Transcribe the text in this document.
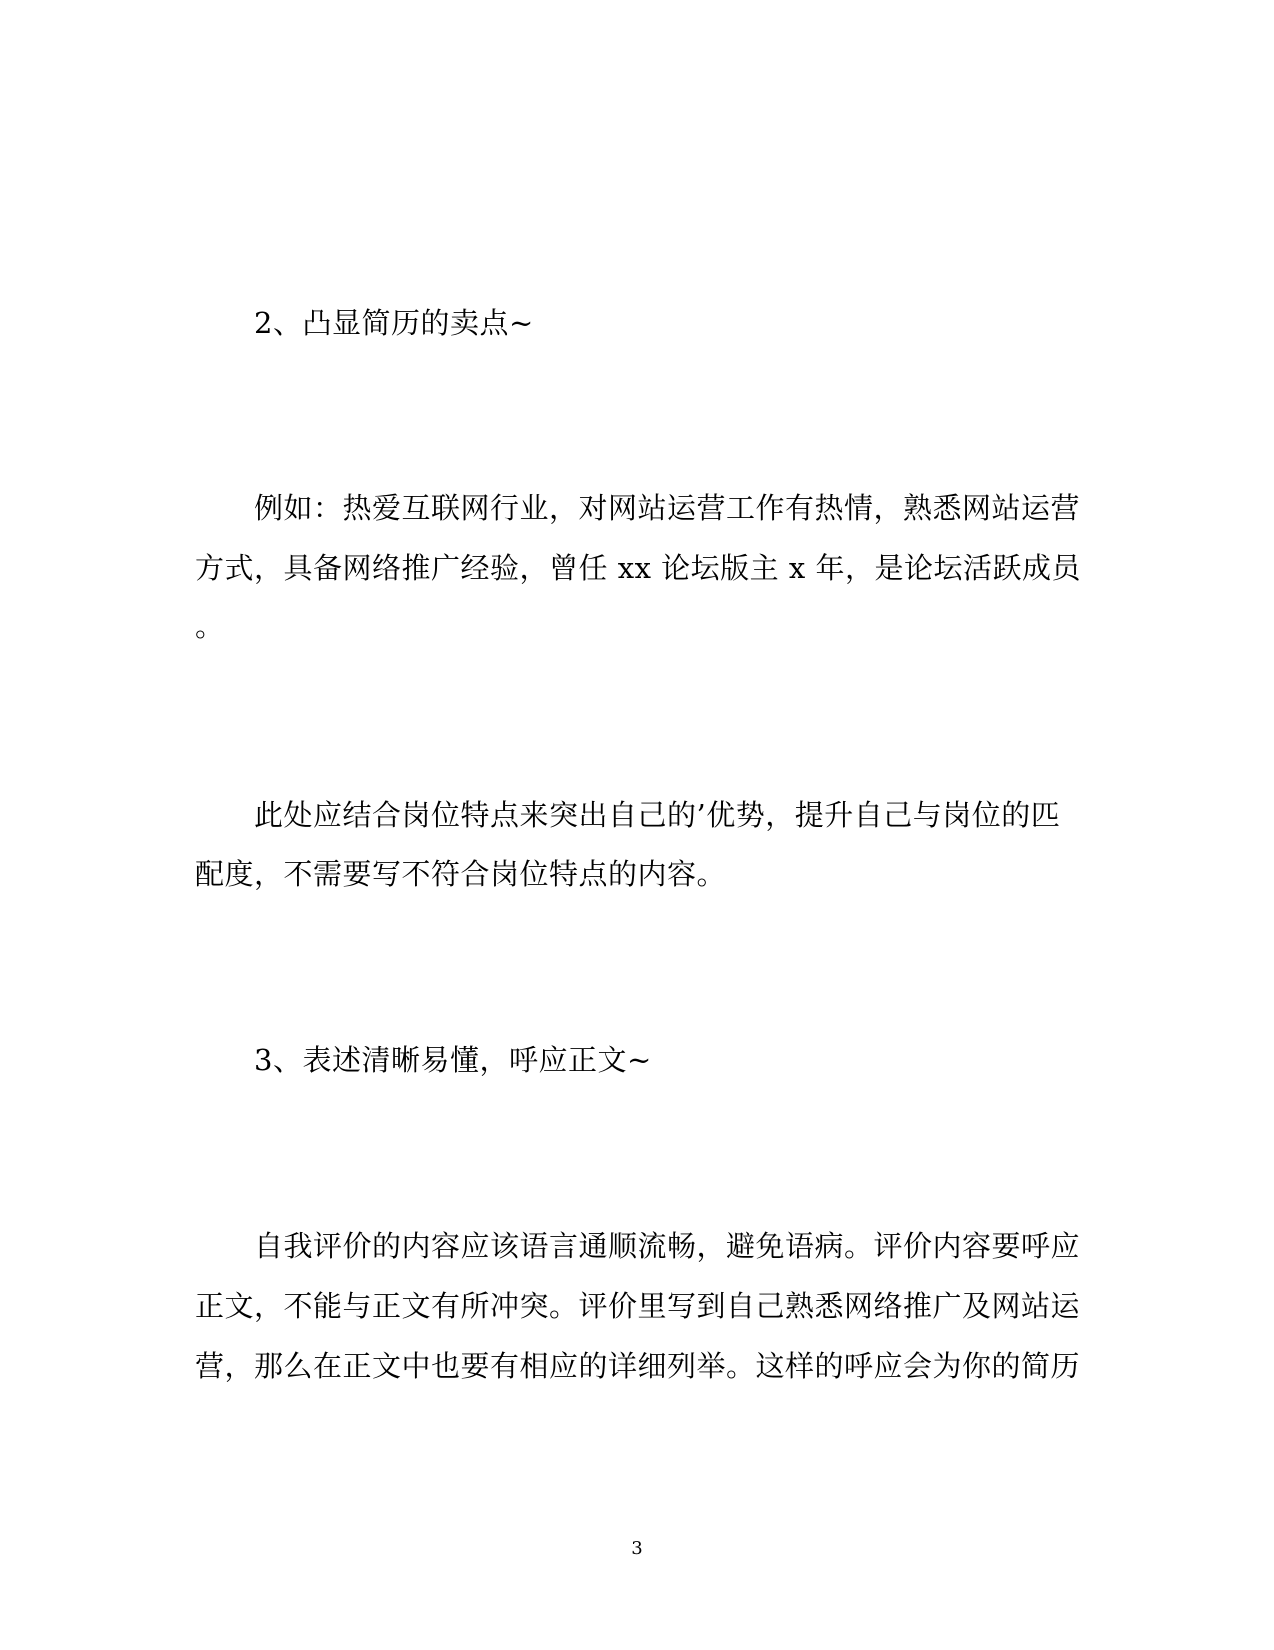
2、凸显简历的卖点~
例如：热爱互联网行业，对网站运营工作有热情，熟悉网站运营
方式，具备网络推广经验，曾任 xx 论坛版主 x 年，是论坛活跃成员
。
此处应结合岗位特点来突出自己的’优势，提升自己与岗位的匹
配度，不需要写不符合岗位特点的内容。
3、表述清晰易懂，呼应正文~
自我评价的内容应该语言通顺流畅，避免语病。评价内容要呼应
正文，不能与正文有所冲突。评价里写到自己熟悉网络推广及网站运
营，那么在正文中也要有相应的详细列举。这样的呼应会为你的简历
3
